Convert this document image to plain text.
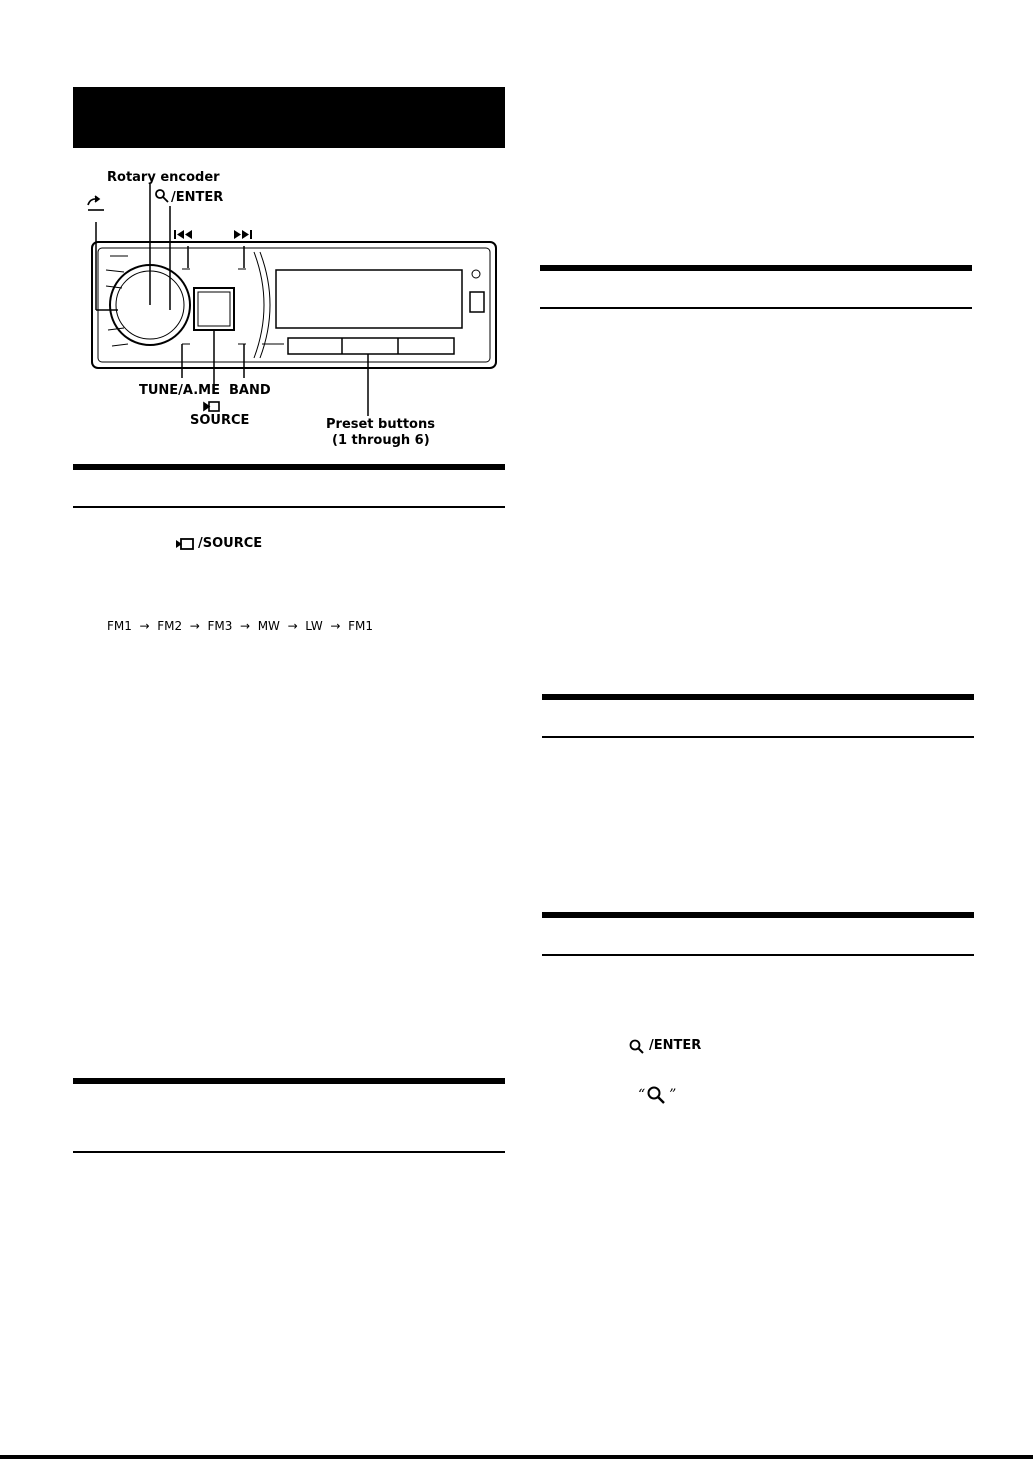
Rotary encoder
/ENTER
TUNE/A.ME BAND
SOURCE	Preset buttons
(1 through 6)
/SOURCE
FM1  →  FM2  →  FM3  →  MW  →  LW  →  FM1
/ENTER
“ ”
